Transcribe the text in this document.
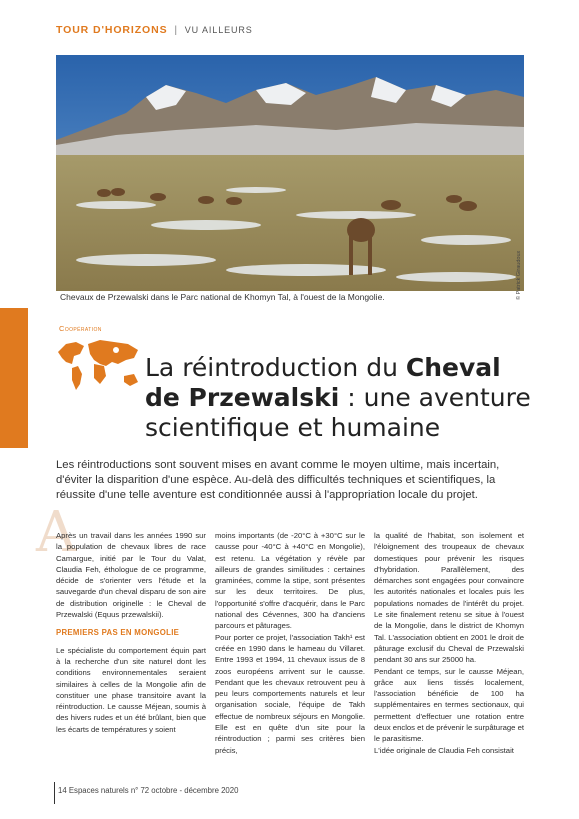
TOUR D'HORIZONS | VU AILLEURS
Chevaux de Przewalski dans le Parc national de Khomyn Tal, à l'ouest de la Mongolie.	© Patrick Giraudoux
Coopération
La réintroduction du Cheval
de Przewalski : une aventure
scientifique et humaine
Les réintroductions sont souvent mises en avant comme le moyen ultime, mais incertain, d'éviter la disparition d'une espèce. Au-delà des difficultés techniques et scientifiques, la réussite d'une telle aventure est conditionnée aussi à l'appropriation locale du projet.
A

Après un travail dans les années 1990 sur la population de chevaux libres de race Camargue, initié par le Tour du Valat, Claudia Feh, éthologue de ce programme, décide de s'orienter vers l'étude et la sauvegarde d'un cheval disparu de son aire de distribution originelle : le Cheval de Przewalski (Equus przewalskii).

PREMIERS PAS EN MONGOLIE

Le spécialiste du comportement équin part à la recherche d'un site naturel dont les conditions environnementales seraient similaires à celles de la Mongolie afin de constituer une phase transitoire avant la réintroduction. Le causse Méjean, soumis à des hivers rudes et un été brûlant, bien que les écarts de températures y soient

moins importants (de -20°C à +30°C sur le causse pour -40°C à +40°C en Mongolie), est retenu. La végétation y révèle par ailleurs de grandes similitudes : certaines graminées, comme la stipe, sont présentes sur les deux territoires. De plus, l'opportunité s'offre d'acquérir, dans le Parc national des Cévennes, 300 ha d'anciens parcours et pâturages.

Pour porter ce projet, l'association Takh¹ est créée en 1990 dans le hameau du Villaret. Entre 1993 et 1994, 11 chevaux issus de 8 zoos européens arrivent sur le causse. Pendant que les chevaux retrouvent peu à peu leurs comportements naturels et leur organisation sociale, l'équipe de Takh effectue de nombreux séjours en Mongolie. Elle est en quête d'un site pour la réintroduction ; parmi ses critères bien précis,

la qualité de l'habitat, son isolement et l'éloignement des troupeaux de chevaux domestiques pour prévenir les risques d'hybridation. Parallèlement, des démarches sont engagées pour convaincre les autorités nationales et locales puis les populations nomades de l'intérêt du projet. Le site finalement retenu se situe à l'ouest de la Mongolie, dans le district de Khomyn Tal. L'association obtient en 2001 le droit de pâturage exclusif du Cheval de Przewalski pendant 30 ans sur 25000 ha.

Pendant ce temps, sur le causse Méjean, grâce aux liens tissés localement, l'association bénéficie de 100 ha supplémentaires en termes sectionaux, qui permettent d'effectuer une rotation entre deux enclos et de prévenir le surpâturage et le parasitisme.

L'idée originale de Claudia Feh consistait

14 Espaces naturels n° 72 octobre - décembre 2020
